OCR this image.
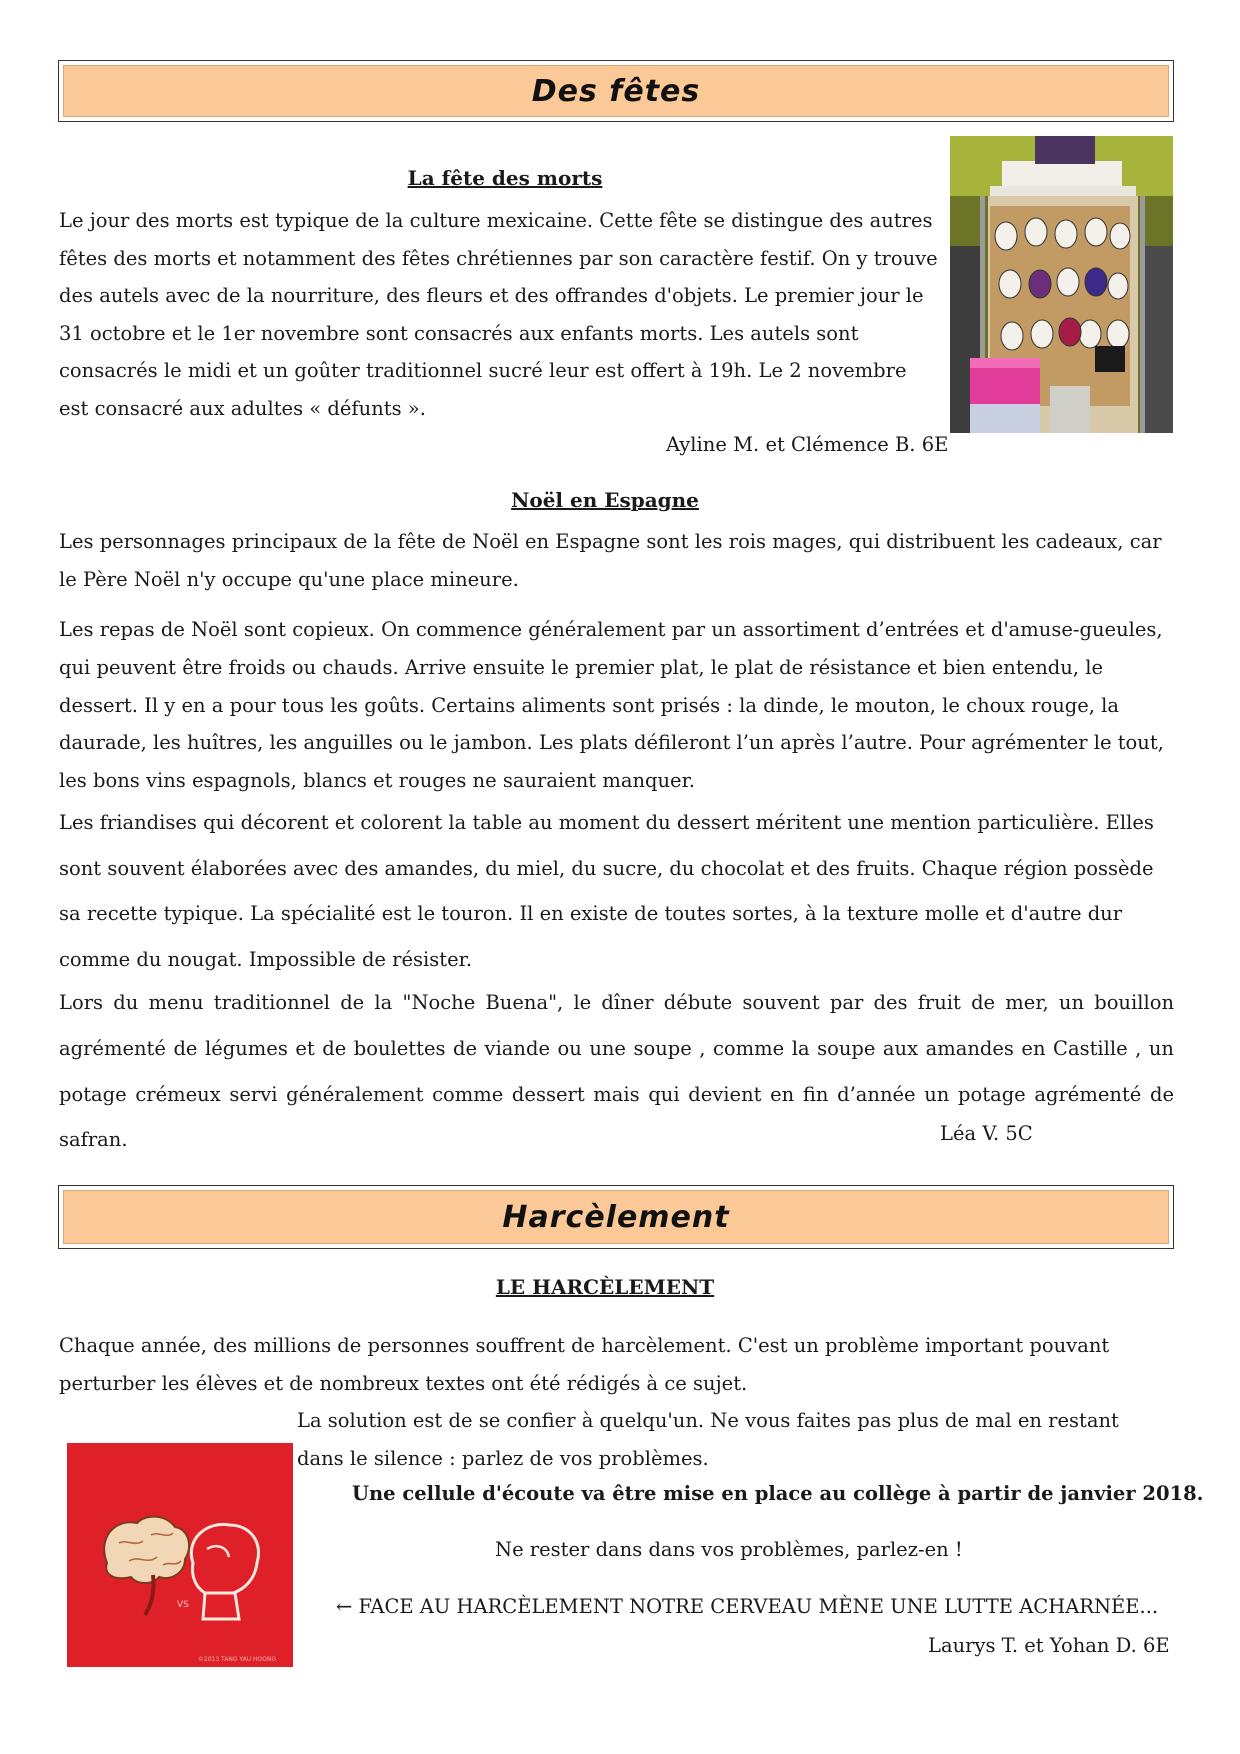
Des fêtes
La fête des morts

Le jour des morts est typique de la culture mexicaine. Cette fête se distingue des autres

fêtes des morts et notamment des fêtes chrétiennes par son caractère festif. On y trouve

des autels avec de la nourriture, des fleurs et des offrandes d'objets. Le premier jour le

31 octobre et le 1er novembre sont consacrés aux enfants morts. Les autels sont

consacrés le midi et un goûter traditionnel sucré leur est offert à 19h. Le 2 novembre

est consacré aux adultes « défunts ».

Ayline M. et Clémence B. 6E
Noël en Espagne

Les personnages principaux de la fête de Noël en Espagne sont les rois mages, qui distribuent les cadeaux, car

le Père Noël n'y occupe qu'une place mineure.

Les repas de Noël sont copieux. On commence généralement par un assortiment d’entrées et d'amuse-gueules,

qui peuvent être froids ou chauds. Arrive ensuite le premier plat, le plat de résistance et bien entendu, le

dessert. Il y en a pour tous les goûts. Certains aliments sont prisés : la dinde, le mouton, le choux rouge, la

daurade, les huîtres, les anguilles ou le jambon. Les plats défileront l’un après l’autre. Pour agrémenter le tout,

les bons vins espagnols, blancs et rouges ne sauraient manquer.

Les friandises qui décorent et colorent la table au moment du dessert méritent une mention particulière. Elles

sont souvent élaborées avec des amandes, du miel, du sucre, du chocolat et des fruits. Chaque région possède

sa recette typique. La spécialité est le touron. Il en existe de toutes sortes, à la texture molle et d'autre dur

comme du nougat. Impossible de résister.

Lors du menu traditionnel de la "Noche Buena", le dîner débute souvent par des fruit de mer, un bouillon

agrémenté de légumes et de boulettes de viande ou une soupe , comme la soupe aux amandes en Castille , un

potage crémeux servi généralement comme dessert mais qui devient en fin d’année un potage agrémenté de

safran.	Léa V. 5C
Harcèlement
LE HARCÈLEMENT

Chaque année, des millions de personnes souffrent de harcèlement. C'est un problème important pouvant

perturber les élèves et de nombreux textes ont été rédigés à ce sujet.

La solution est de se confier à quelqu'un. Ne vous faites pas plus de mal en restant

dans le silence : parlez de vos problèmes.

Une cellule d'écoute va être mise en place au collège à partir de janvier 2018.
Ne rester dans dans vos problèmes, parlez-en !
← FACE AU HARCÈLEMENT NOTRE CERVEAU MÈNE UNE LUTTE ACHARNÉE...
Laurys T. et Yohan D. 6E
VS
©2013 TANG YAU HOONG
